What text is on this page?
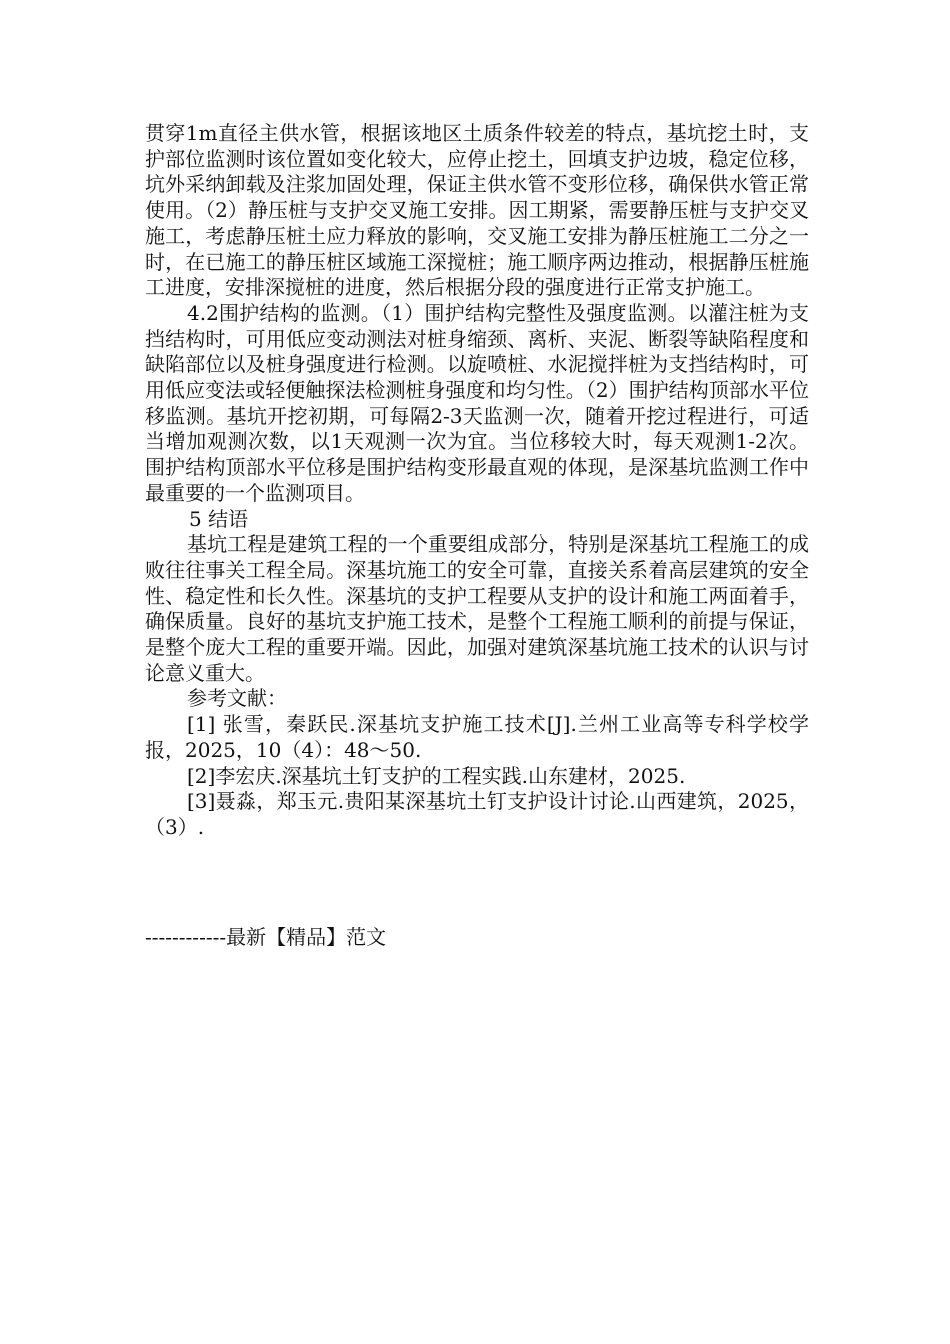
贯穿1m直径主供水管，根据该地区土质条件较差的特点，基坑挖土时，支护部位监测时该位置如变化较大，应停止挖土，回填支护边坡，稳定位移，坑外采纳卸载及注浆加固处理，保证主供水管不变形位移，确保供水管正常使用。（2）静压桩与支护交叉施工安排。因工期紧，需要静压桩与支护交叉施工，考虑静压桩土应力释放的影响，交叉施工安排为静压桩施工二分之一时，在已施工的静压桩区域施工深搅桩；施工顺序两边推动，根据静压桩施工进度，安排深搅桩的进度，然后根据分段的强度进行正常支护施工。

4.2围护结构的监测。（1）围护结构完整性及强度监测。以灌注桩为支挡结构时，可用低应变动测法对桩身缩颈、离析、夹泥、断裂等缺陷程度和缺陷部位以及桩身强度进行检测。以旋喷桩、水泥搅拌桩为支挡结构时，可用低应变法或轻便触探法检测桩身强度和均匀性。（2）围护结构顶部水平位移监测。基坑开挖初期，可每隔2-3天监测一次，随着开挖过程进行，可适当增加观测次数，以1天观测一次为宜。当位移较大时，每天观测1-2次。围护结构顶部水平位移是围护结构变形最直观的体现，是深基坑监测工作中最重要的一个监测项目。

5 结语

基坑工程是建筑工程的一个重要组成部分，特别是深基坑工程施工的成败往往事关工程全局。深基坑施工的安全可靠，直接关系着高层建筑的安全性、稳定性和长久性。深基坑的支护工程要从支护的设计和施工两面着手，确保质量。良好的基坑支护施工技术，是整个工程施工顺利的前提与保证，是整个庞大工程的重要开端。因此，加强对建筑深基坑施工技术的认识与讨论意义重大。

参考文献：

[1] 张雪，秦跃民.深基坑支护施工技术[J].兰州工业高等专科学校学报，2025，10（4）：48～50.

[2]李宏庆.深基坑土钉支护的工程实践.山东建材，2025.

[3]聂淼，郑玉元.贵阳某深基坑土钉支护设计讨论.山西建筑，2025，（3）.

------------最新【精品】范文
